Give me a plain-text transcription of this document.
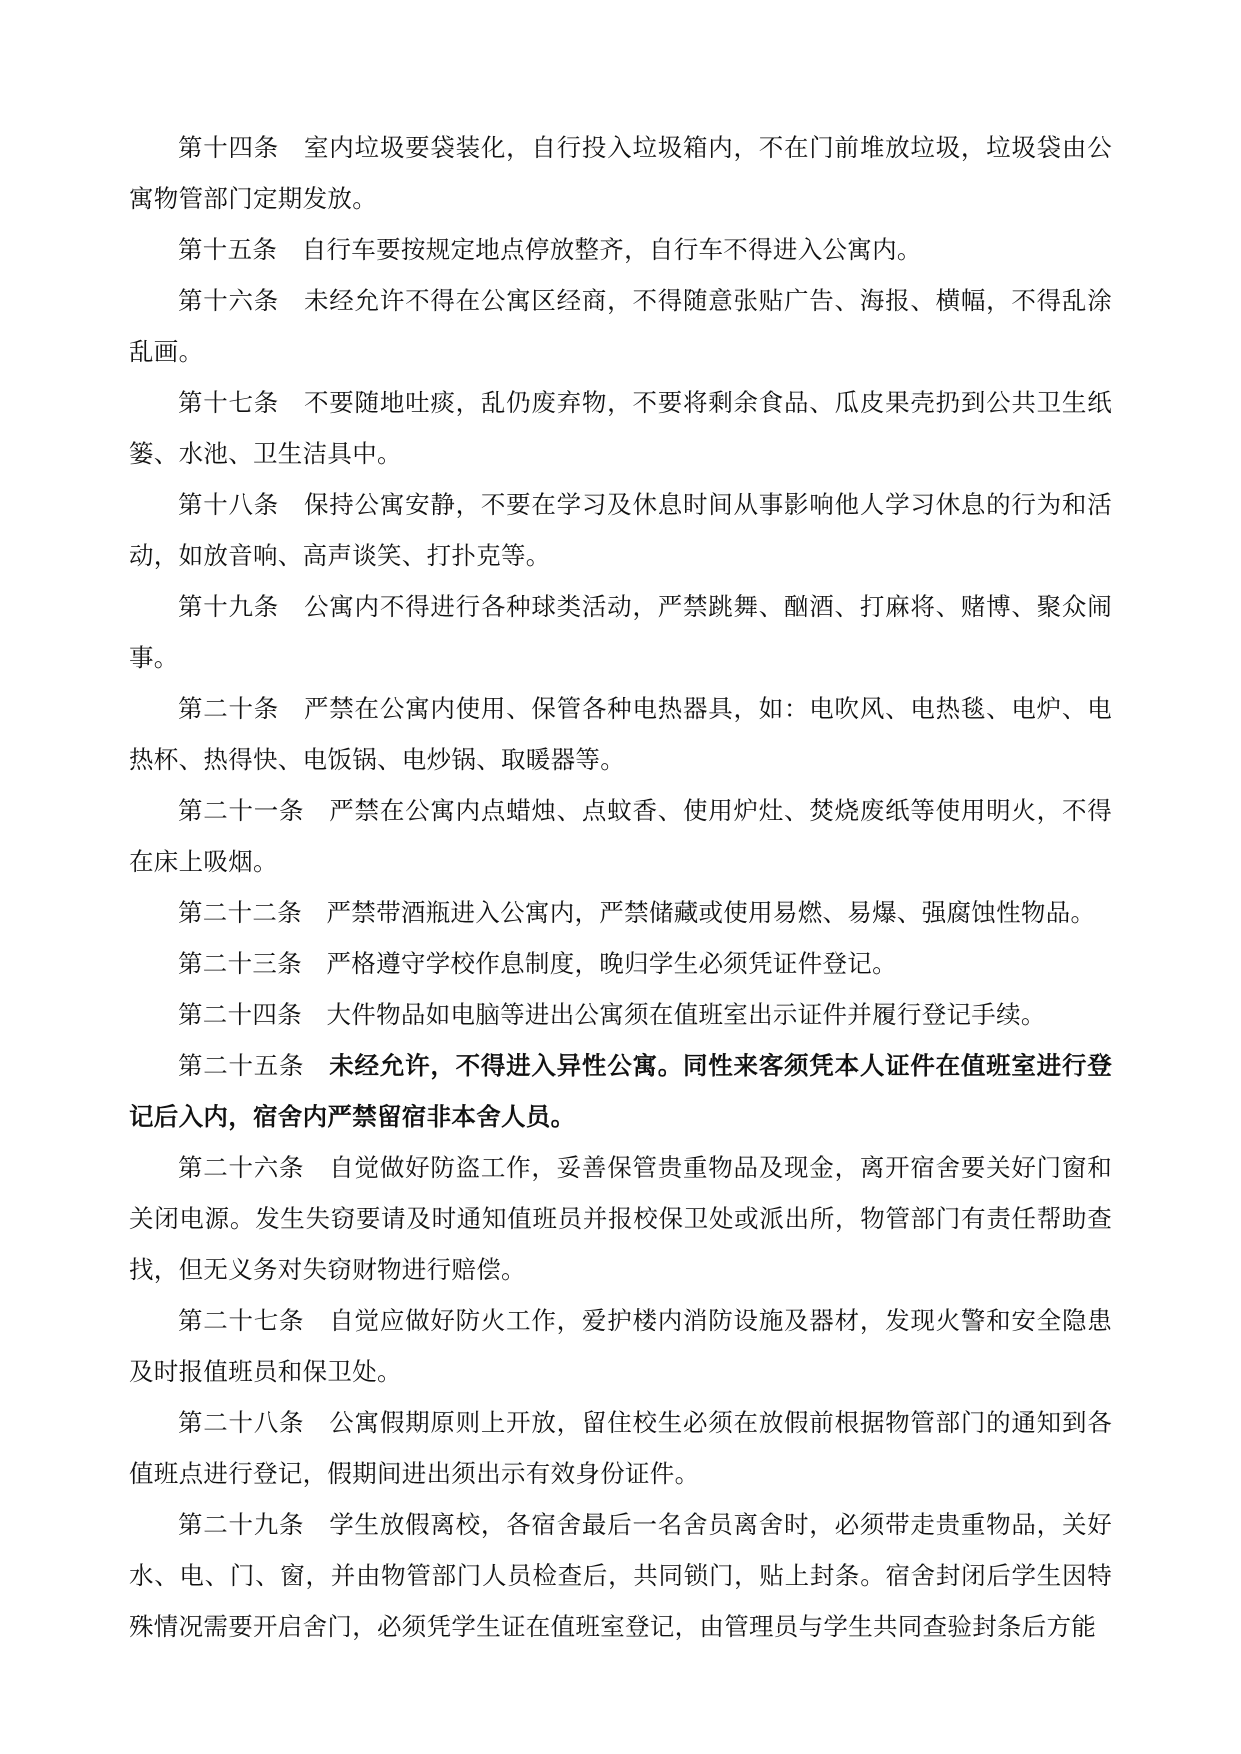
第十四条 室内垃圾要袋装化，自行投入垃圾箱内，不在门前堆放垃圾，垃圾袋由公寓物管部门定期发放。

第十五条 自行车要按规定地点停放整齐，自行车不得进入公寓内。

第十六条 未经允许不得在公寓区经商，不得随意张贴广告、海报、横幅，不得乱涂乱画。

第十七条 不要随地吐痰，乱仍废弃物，不要将剩余食品、瓜皮果壳扔到公共卫生纸篓、水池、卫生洁具中。

第十八条 保持公寓安静，不要在学习及休息时间从事影响他人学习休息的行为和活动，如放音响、高声谈笑、打扑克等。

第十九条 公寓内不得进行各种球类活动，严禁跳舞、酗酒、打麻将、赌博、聚众闹事。

第二十条 严禁在公寓内使用、保管各种电热器具，如：电吹风、电热毯、电炉、电热杯、热得快、电饭锅、电炒锅、取暖器等。

第二十一条 严禁在公寓内点蜡烛、点蚊香、使用炉灶、焚烧废纸等使用明火，不得在床上吸烟。

第二十二条 严禁带酒瓶进入公寓内，严禁储藏或使用易燃、易爆、强腐蚀性物品。

第二十三条 严格遵守学校作息制度，晚归学生必须凭证件登记。

第二十四条 大件物品如电脑等进出公寓须在值班室出示证件并履行登记手续。

第二十五条 未经允许，不得进入异性公寓。同性来客须凭本人证件在值班室进行登记后入内，宿舍内严禁留宿非本舍人员。

第二十六条 自觉做好防盗工作，妥善保管贵重物品及现金，离开宿舍要关好门窗和关闭电源。发生失窃要请及时通知值班员并报校保卫处或派出所，物管部门有责任帮助查找，但无义务对失窃财物进行赔偿。

第二十七条 自觉应做好防火工作，爱护楼内消防设施及器材，发现火警和安全隐患及时报值班员和保卫处。

第二十八条 公寓假期原则上开放，留住校生必须在放假前根据物管部门的通知到各值班点进行登记，假期间进出须出示有效身份证件。

第二十九条 学生放假离校，各宿舍最后一名舍员离舍时，必须带走贵重物品，关好水、电、门、窗，并由物管部门人员检查后，共同锁门，贴上封条。宿舍封闭后学生因特殊情况需要开启舍门，必须凭学生证在值班室登记，由管理员与学生共同查验封条后方能
